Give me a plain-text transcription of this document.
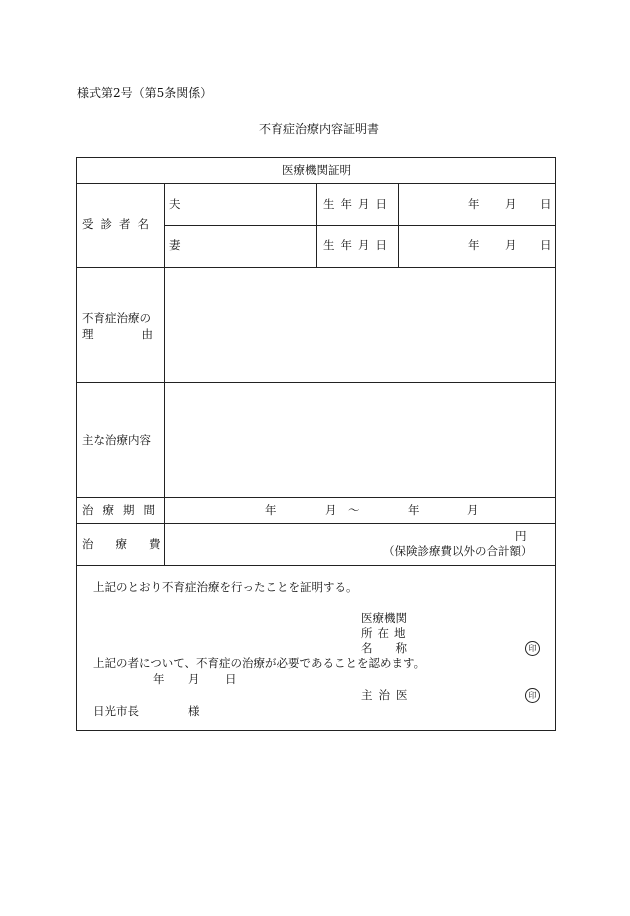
様式第2号（第5条関係）
不育症治療内容証明書
医療機関証明
受診者名
夫	生年月日	年 月 日
妻	生年月日	年 月 日
不育症治療の
理由
主な治療内容
治療期間	年	月 〜	年	月
治療費
円
（保険診療費以外の合計額）
上記のとおり不育症治療を行ったことを証明する。
医療機関
所在地
名称	印
上記の者について、不育症の治療が必要であることを認めます。
年 月 日
主治医	印
日光市長	様
